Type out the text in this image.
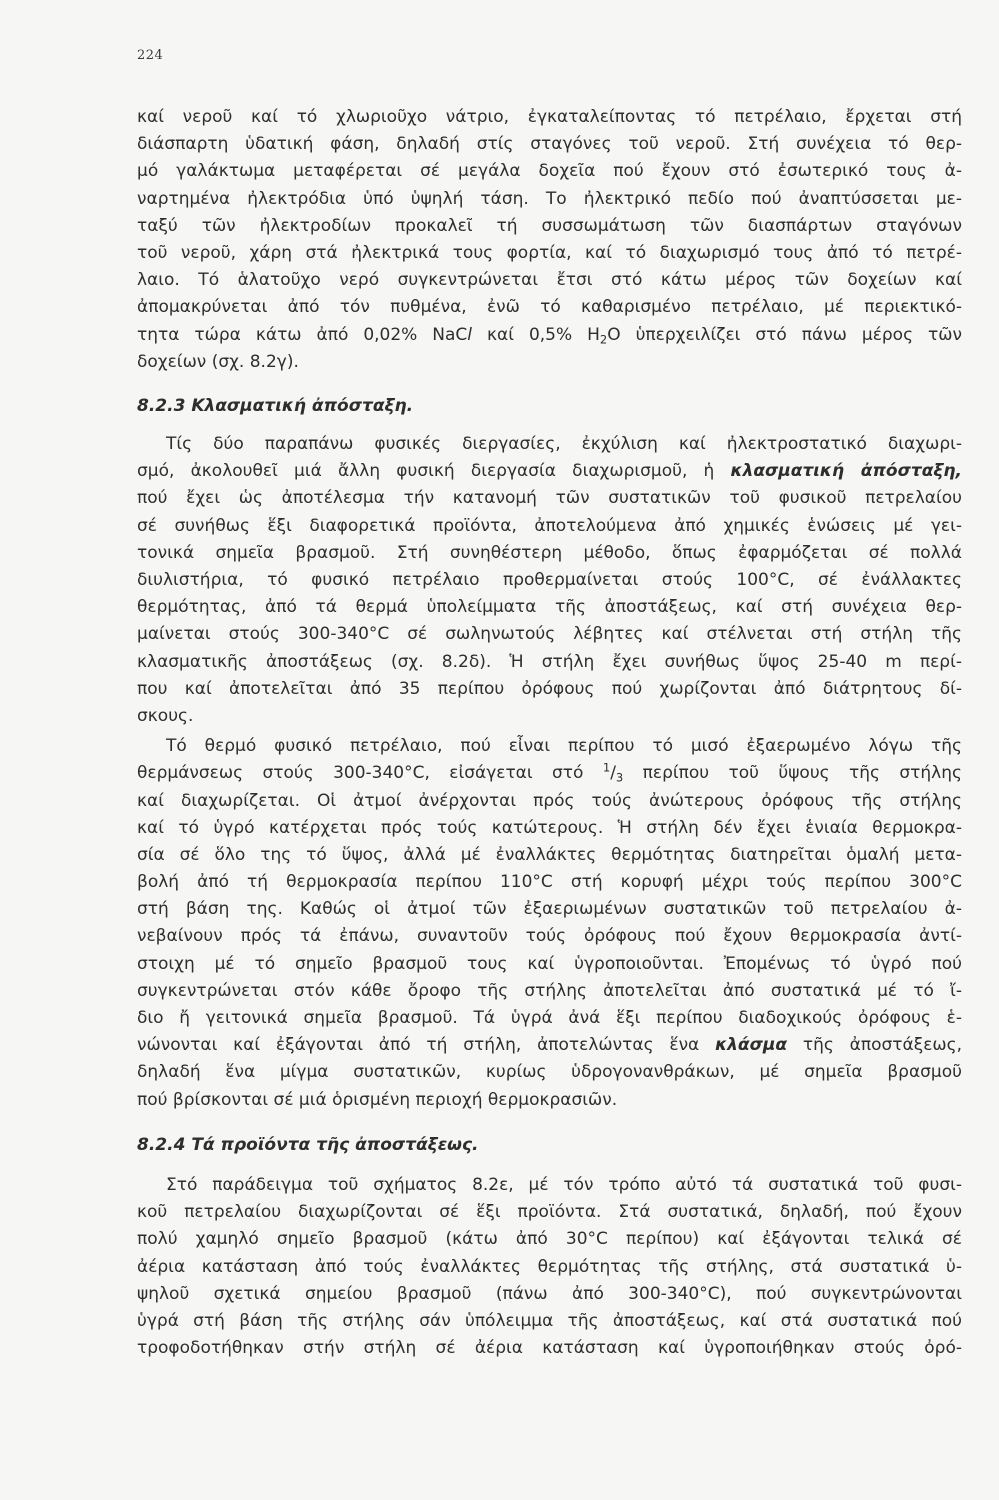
224
καί νεροῦ καί τό χλωριοῦχο νάτριο, ἐγκαταλείποντας τό πετρέλαιο, ἔρχεται στή
διάσπαρτη ὑδατική φάση, δηλαδή στίς σταγόνες τοῦ νεροῦ. Στή συνέχεια τό θερ-
μό γαλάκτωμα μεταφέρεται σέ μεγάλα δοχεῖα πού ἔχουν στό ἐσωτερικό τους ἀ-
ναρτημένα ἠλεκτρόδια ὑπό ὑψηλή τάση. Το ἠλεκτρικό πεδίο πού ἀναπτύσσεται με-
ταξύ τῶν ἠλεκτροδίων προκαλεῖ τή συσσωμάτωση τῶν διασπάρτων σταγόνων
τοῦ νεροῦ, χάρη στά ἠλεκτρικά τους φορτία, καί τό διαχωρισμό τους ἀπό τό πετρέ-
λαιο. Τό ἁλατοῦχο νερό συγκεντρώνεται ἔτσι στό κάτω μέρος τῶν δοχείων καί
ἀπομακρύνεται ἀπό τόν πυθμένα, ἐνῶ τό καθαρισμένο πετρέλαιο, μέ περιεκτικό-
τητα τώρα κάτω ἀπό 0,02% NaCl καί 0,5% $H_2O$ ὑπερχειλίζει στό πάνω μέρος τῶν
δοχείων (σχ. 8.2γ).
8.2.3 Κλασματική ἀπόσταξη.
Τίς δύο παραπάνω φυσικές διεργασίες, ἐκχύλιση καί ἠλεκτροστατικό διαχωρι-
σμό, ἀκολουθεῖ μιά ἄλλη φυσική διεργασία διαχωρισμοῦ, ἡ κλασματική ἀπόσταξη,
πού ἔχει ὡς ἀποτέλεσμα τήν κατανομή τῶν συστατικῶν τοῦ φυσικοῦ πετρελαίου
σέ συνήθως ἕξι διαφορετικά προϊόντα, ἀποτελούμενα ἀπό χημικές ἑνώσεις μέ γει-
τονικά σημεῖα βρασμοῦ. Στή συνηθέστερη μέθοδο, ὅπως ἐφαρμόζεται σέ πολλά
διυλιστήρια, τό φυσικό πετρέλαιο προθερμαίνεται στούς 100°C, σέ ἐνάλλακτες
θερμότητας, ἀπό τά θερμά ὑπολείμματα τῆς ἀποστάξεως, καί στή συνέχεια θερ-
μαίνεται στούς 300-340°C σέ σωληνωτούς λέβητες καί στέλνεται στή στήλη τῆς
κλασματικῆς ἀποστάξεως (σχ. 8.2δ). Ἡ στήλη ἔχει συνήθως ὕψος 25-40 m περί-
που καί ἀποτελεῖται ἀπό 35 περίπου ὀρόφους πού χωρίζονται ἀπό διάτρητους δί-
σκους.
Τό θερμό φυσικό πετρέλαιο, πού εἶναι περίπου τό μισό ἐξαερωμένο λόγω τῆς
θερμάνσεως στούς 300-340°C, εἰσάγεται στό $^1/_3$ περίπου τοῦ ὕψους τῆς στήλης
καί διαχωρίζεται. Οἱ ἀτμοί ἀνέρχονται πρός τούς ἀνώτερους ὀρόφους τῆς στήλης
καί τό ὑγρό κατέρχεται πρός τούς κατώτερους. Ἡ στήλη δέν ἔχει ἑνιαία θερμοκρα-
σία σέ ὅλο της τό ὕψος, ἀλλά μέ ἐναλλάκτες θερμότητας διατηρεῖται ὁμαλή μετα-
βολή ἀπό τή θερμοκρασία περίπου 110°C στή κορυφή μέχρι τούς περίπου 300°C
στή βάση της. Καθώς οἱ ἀτμοί τῶν ἐξαεριωμένων συστατικῶν τοῦ πετρελαίου ἀ-
νεβαίνουν πρός τά ἐπάνω, συναντοῦν τούς ὀρόφους πού ἔχουν θερμοκρασία ἀντί-
στοιχη μέ τό σημεῖο βρασμοῦ τους καί ὑγροποιοῦνται. Ἐπομένως τό ὑγρό πού
συγκεντρώνεται στόν κάθε ὄροφο τῆς στήλης ἀποτελεῖται ἀπό συστατικά μέ τό ἴ-
διο ἤ γειτονικά σημεῖα βρασμοῦ. Τά ὑγρά ἀνά ἕξι περίπου διαδοχικούς ὀρόφους ἑ-
νώνονται καί ἐξάγονται ἀπό τή στήλη, ἀποτελώντας ἕνα κλάσμα τῆς ἀποστάξεως,
δηλαδή ἕνα μίγμα συστατικῶν, κυρίως ὑδρογονανθράκων, μέ σημεῖα βρασμοῦ
πού βρίσκονται σέ μιά ὁρισμένη περιοχή θερμοκρασιῶν.
8.2.4 Τά προϊόντα τῆς ἀποστάξεως.
Στό παράδειγμα τοῦ σχήματος 8.2ε, μέ τόν τρόπο αὐτό τά συστατικά τοῦ φυσι-
κοῦ πετρελαίου διαχωρίζονται σέ ἕξι προϊόντα. Στά συστατικά, δηλαδή, πού ἔχουν
πολύ χαμηλό σημεῖο βρασμοῦ (κάτω ἀπό 30°C περίπου) καί ἐξάγονται τελικά σέ
ἀέρια κατάσταση ἀπό τούς ἐναλλάκτες θερμότητας τῆς στήλης, στά συστατικά ὑ-
ψηλοῦ σχετικά σημείου βρασμοῦ (πάνω ἀπό 300-340°C), πού συγκεντρώνονται
ὑγρά στή βάση τῆς στήλης σάν ὑπόλειμμα τῆς ἀποστάξεως, καί στά συστατικά πού
τροφοδοτήθηκαν στήν στήλη σέ ἀέρια κατάσταση καί ὑγροποιήθηκαν στούς ὀρό-
